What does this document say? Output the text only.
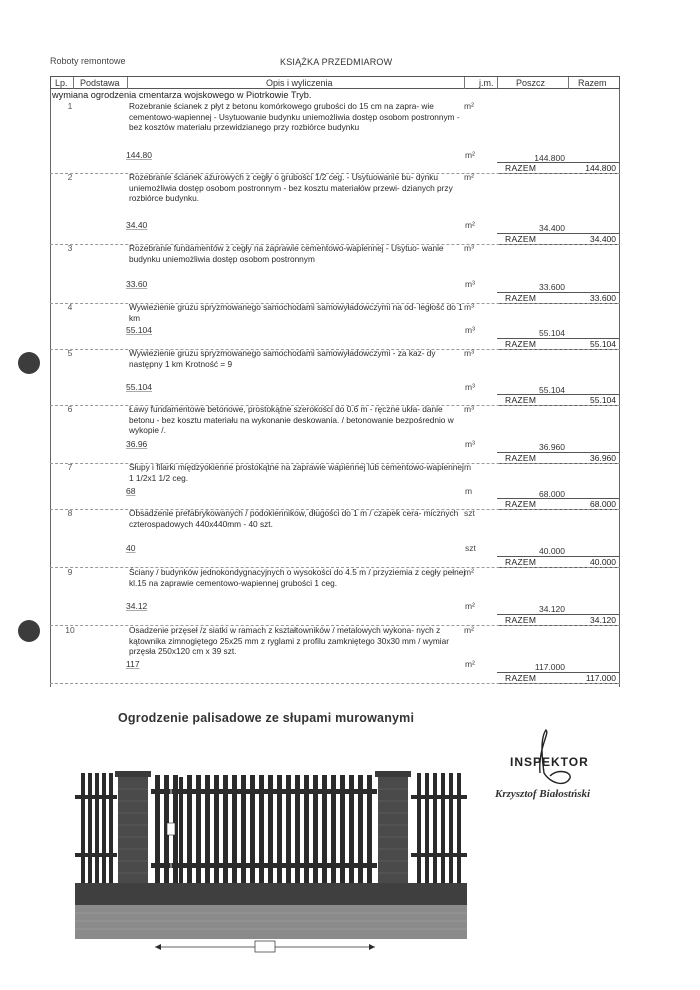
Roboty remontowe	KSIĄŻKA PRZEDMIAROW
Lp. Podstawa	Opis i wyliczenia	j.m.	Poszcz	Razem
wymiana ogrodzenia cmentarza wojskowego w Piotrkowie Tryb.
1	Rozebranie ścianek z płyt z betonu komórkowego grubości do 15 cm na zapra- wie cementowo-wapiennej - Usytuowanie budynku uniemożliwia dostęp osobom postronnym - bez kosztów materiału przewidzianego przy rozbiórce budynku
m²
144.80	m²	144.800
RAZEM	144.800
2	Rozebranie ścianek ażurowych z cegły o grubości 1/2 ceg. - Usytuowanie bu- dynku uniemożliwia dostęp osobom postronnym - bez kosztu materiałów przewi- dzianych przy rozbiórce budynku.
m²
34.40	m²	34.400
RAZEM	34.400
3	Rozebranie fundamentów z cegły na zaprawie cementowo-wapiennej - Usytuo- wanie budynku uniemożliwia dostęp osobom postronnym
m³
33.60	m³	33.600
RAZEM	33.600
4	Wywiezienie gruzu spryzmowanego samochodami samowyładowczymi na od- ległość do 1 km
m³
55.104	m³	55.104
RAZEM	55.104
5	Wywiezienie gruzu spryzmowanego samochodami samowyładowczymi - za kaz- dy następny 1 km Krotność = 9
m³
55.104	m³	55.104
RAZEM	55.104
6	Ławy fundamentowe betonowe, prostokątne szerokości do 0.6 m - ręczne ukła- danie betonu - bez kosztu materiału na wykonanie deskowania. / betonowanie bezpośrednio w wykopie /.
m³
36.96	m³	36.960
RAZEM	36.960
7	Słupy i filarki międzyokienne prostokątne na zaprawie wapiennej lub cementowo-wapiennej 1 1/2x1 1/2 ceg.
m
68	m	68.000
RAZEM	68.000
8	Obsadzenie prefabrykowanych / podokiennikow, długości do 1 m / czapek cera- micznych czterospadowych 440x440mm - 40 szt.
szt
40	szt	40.000
RAZEM	40.000
9	Ściany / budynków jednokondygnacyjnych o wysokości do 4.5 m / przyziemia z cegły pełnej kl.15 na zaprawie cementowo-wapiennej grubości 1 ceg.
m²
34.12	m²	34.120
RAZEM	34.120
10	Osadzenie przęseł /z siatki w ramach z kształtowników / metalowych wykona- nych z kątownika zimnogiętego 25x25 mm z ryglami z profilu zamkniętego 30x30 mm / wymiar przęsła 250x120 cm x 39 szt.
m²
117	m²	117.000
RAZEM	117.000
Ogrodzenie palisadowe ze słupami murowanymi
INSPEKTOR
Krzysztof Białostński
